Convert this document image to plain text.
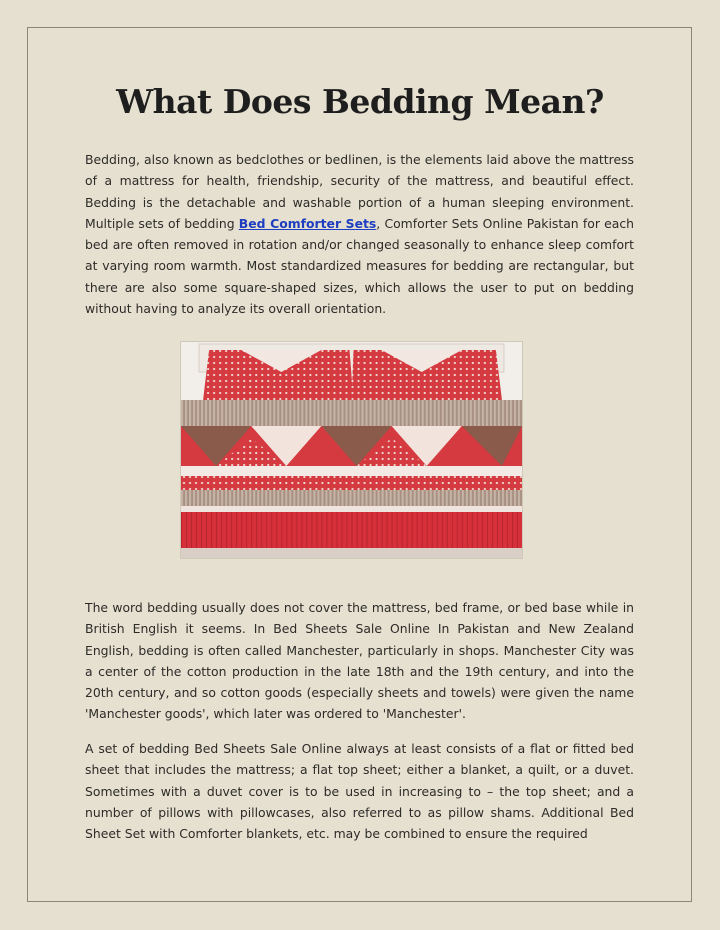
What Does Bedding Mean?

Bedding, also known as bedclothes or bedlinen, is the elements laid above the mattress of a mattress for health, friendship, security of the mattress, and beautiful effect. Bedding is the detachable and washable portion of a human sleeping environment. Multiple sets of bedding Bed Comforter Sets, Comforter Sets Online Pakistan for each bed are often removed in rotation and/or changed seasonally to enhance sleep comfort at varying room warmth. Most standardized measures for bedding are rectangular, but there are also some square-shaped sizes, which allows the user to put on bedding without having to analyze its overall orientation.

The word bedding usually does not cover the mattress, bed frame, or bed base while in British English it seems. In Bed Sheets Sale Online In Pakistan and New Zealand English, bedding is often called Manchester, particularly in shops. Manchester City was a center of the cotton production in the late 18th and the 19th century, and into the 20th century, and so cotton goods (especially sheets and towels) were given the name 'Manchester goods', which later was ordered to 'Manchester'.

A set of bedding Bed Sheets Sale Online always at least consists of a flat or fitted bed sheet that includes the mattress; a flat top sheet; either a blanket, a quilt, or a duvet. Sometimes with a duvet cover is to be used in increasing to – the top sheet; and a number of pillows with pillowcases, also referred to as pillow shams. Additional Bed Sheet Set with Comforter blankets, etc. may be combined to ensure the required
